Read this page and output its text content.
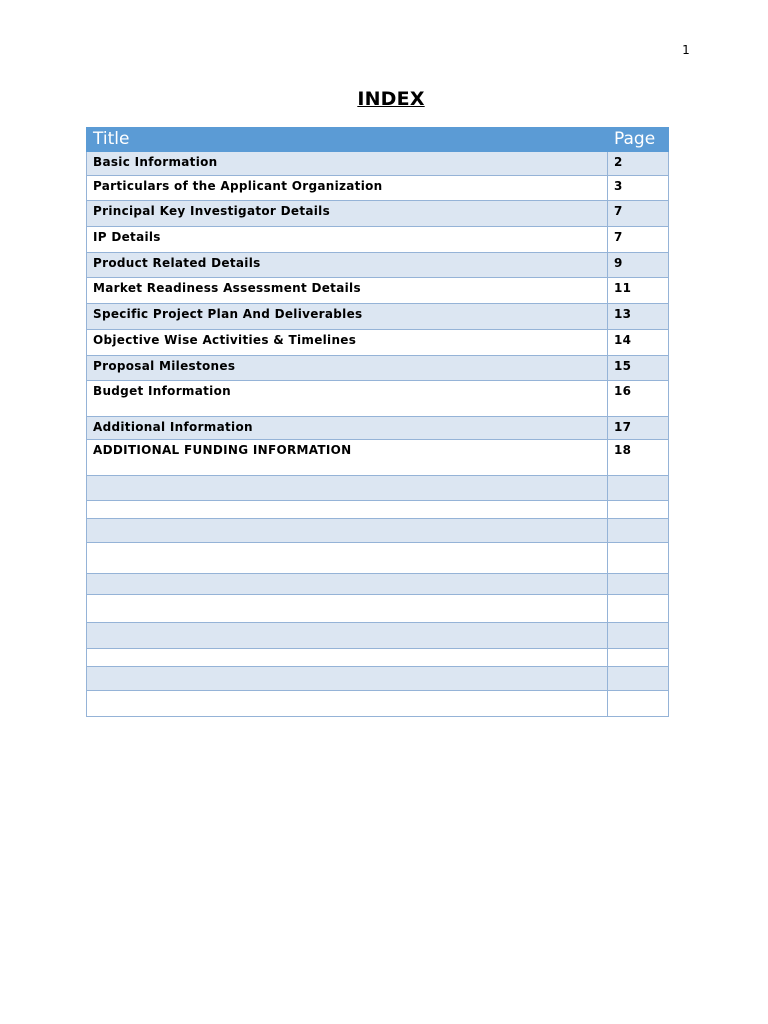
1
INDEX
Title	Page
Basic Information	2
Particulars of the Applicant Organization	3
Principal Key Investigator Details	7
IP Details	7
Product Related Details	9
Market Readiness Assessment Details	11
Specific Project Plan And Deliverables	13
Objective Wise Activities & Timelines	14
Proposal Milestones	15
Budget Information	16
Additional Information	17
ADDITIONAL FUNDING INFORMATION	18
